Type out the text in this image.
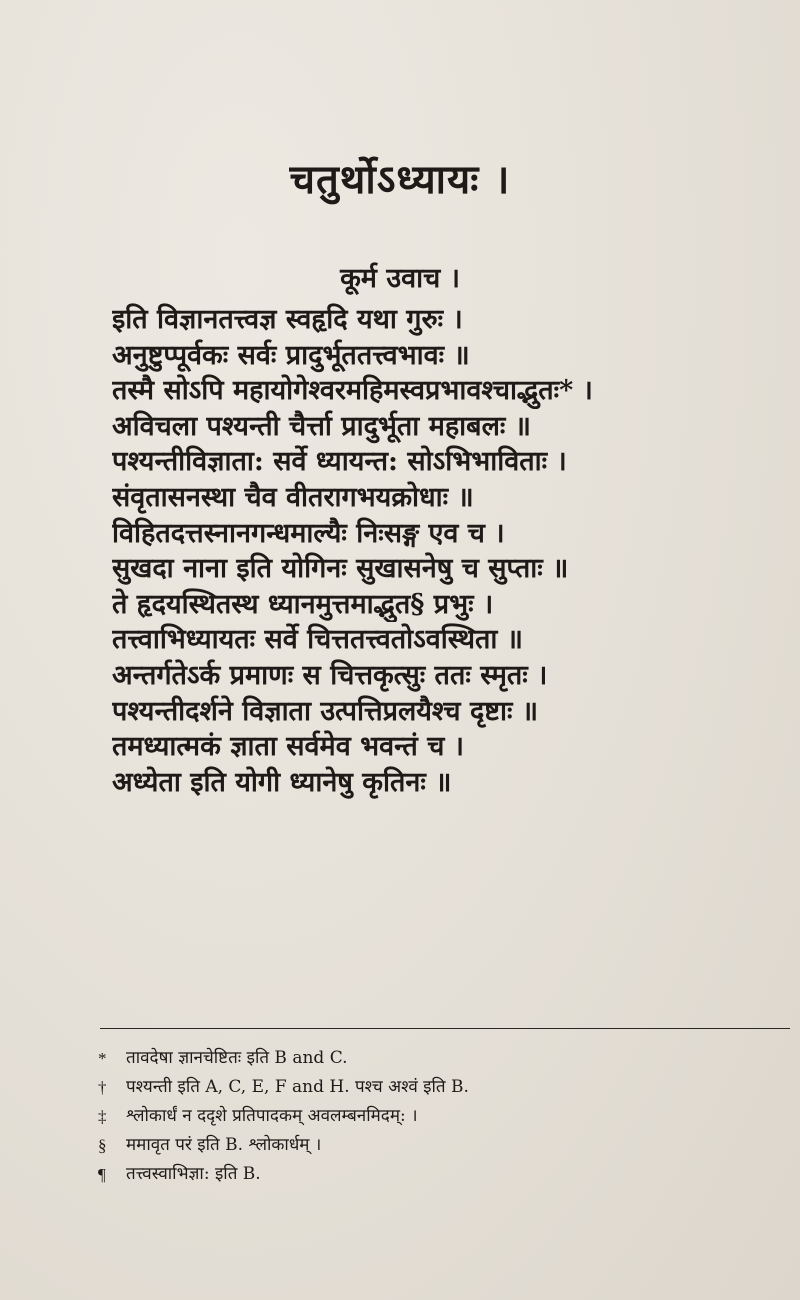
चतुर्थोऽध्यायः ।
कूर्म उवाच ।
इति विज्ञानतत्त्वज्ञ स्वहृदि यथा गुरुः ।
अनुष्टुप्पूर्वकः सर्वः प्रादुर्भूततत्त्वभावः ॥
तस्मै सोऽपि महायोगेश्वरमहिमस्वप्रभावश्चाद्भुतः* ।
अविचला पश्यन्ती चैर्त्ता प्रादुर्भूता महाबलः ॥
पश्यन्तीविज्ञाता: सर्वे ध्यायन्त: सोऽभिभाविताः ।
संवृतासनस्था चैव वीतरागभयक्रोधाः ॥
विहितदत्तस्नानगन्धमाल्यैः निःसङ्ग एव च ।
सुखदा नाना इति योगिनः सुखासनेषु च सुप्ताः ॥
ते हृदयस्थितस्थ ध्यानमुत्तमाद्भुत§ प्रभुः ।
तत्त्वाभिध्यायतः सर्वे चित्ततत्त्वतोऽवस्थिता ॥
अन्तर्गतेऽर्क प्रमाणः स चित्तकृत्सुः ततः स्मृतः ।
पश्यन्तीदर्शने विज्ञाता उत्पत्तिप्रलयैश्च दृष्टाः ॥
तमध्यात्मकं ज्ञाता सर्वमेव भवन्तं च ।
अध्येता इति योगी ध्यानेषु कृतिनः ॥
*	तावदेषा ज्ञानचेष्टितः इति B and C.
†	पश्यन्ती इति A, C, E, F and H. पश्च अश्वं इति B.
‡	श्लोकार्धं न ददृशे प्रतिपादकम् अवलम्बनमिदम्: ।
§	ममावृत परं इति B. श्लोकार्धम् ।
¶	तत्त्वस्वाभिज्ञा: इति B.
